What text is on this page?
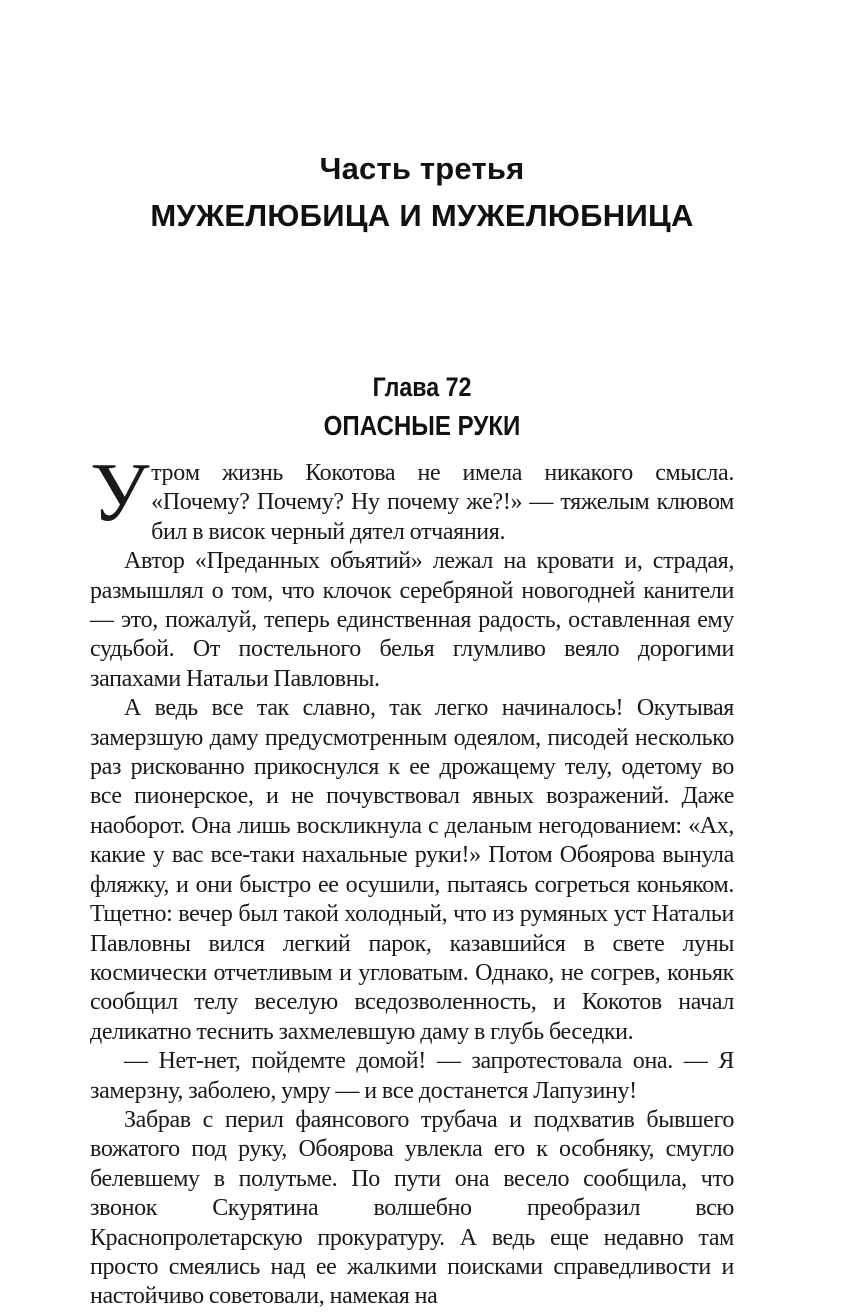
Часть третья
МУЖЕЛЮБИЦА И МУЖЕЛЮБНИЦА
Глава 72
ОПАСНЫЕ РУКИ

Утрoм жизнь Кокотова не имела никакого смысла. «Почему? Почему? Ну почему же?!» — тяжелым клювом бил в висок черный дятел отчаяния.

Автор «Преданных объятий» лежал на кровати и, страдая, размышлял о том, что клочок серебряной новогодней канители — это, пожалуй, теперь единственная радость, оставленная ему судьбой. От постельного белья глумливо веяло дорогими запахами Натальи Павловны.

А ведь все так славно, так легко начиналось! Окутывая замерзшую даму предусмотренным одеялом, писодей несколько раз рискованно прикоснулся к ее дрожащему телу, одетому во все пионерское, и не почувствовал явных возражений. Даже наоборот. Она лишь воскликнула с деланым негодованием: «Ах, какие у вас все-таки нахальные руки!» Потом Обоярова вынула фляжку, и они быстро ее осушили, пытаясь согреться коньяком. Тщетно: вечер был такой холодный, что из румяных уст Натальи Павловны вился легкий парок, казавшийся в свете луны космически отчетливым и угловатым. Однако, не согрев, коньяк сообщил телу веселую вседозволенность, и Кокотов начал деликатно теснить захмелевшую даму в глубь беседки.

— Нет-нет, пойдемте домой! — запротестовала она. — Я замерзну, заболею, умру — и все достанется Лапузину!

Забрав с перил фаянсового трубача и подхватив бывшего вожатого под руку, Обоярова увлекла его к особняку, смугло белевшему в полутьме. По пути она весело сообщила, что звонок Скурятина волшебно преобразил всю Краснопролетарскую прокуратуру. А ведь еще недавно там просто смеялись над ее жалкими поисками справедливости и настойчиво советовали, намекая на
